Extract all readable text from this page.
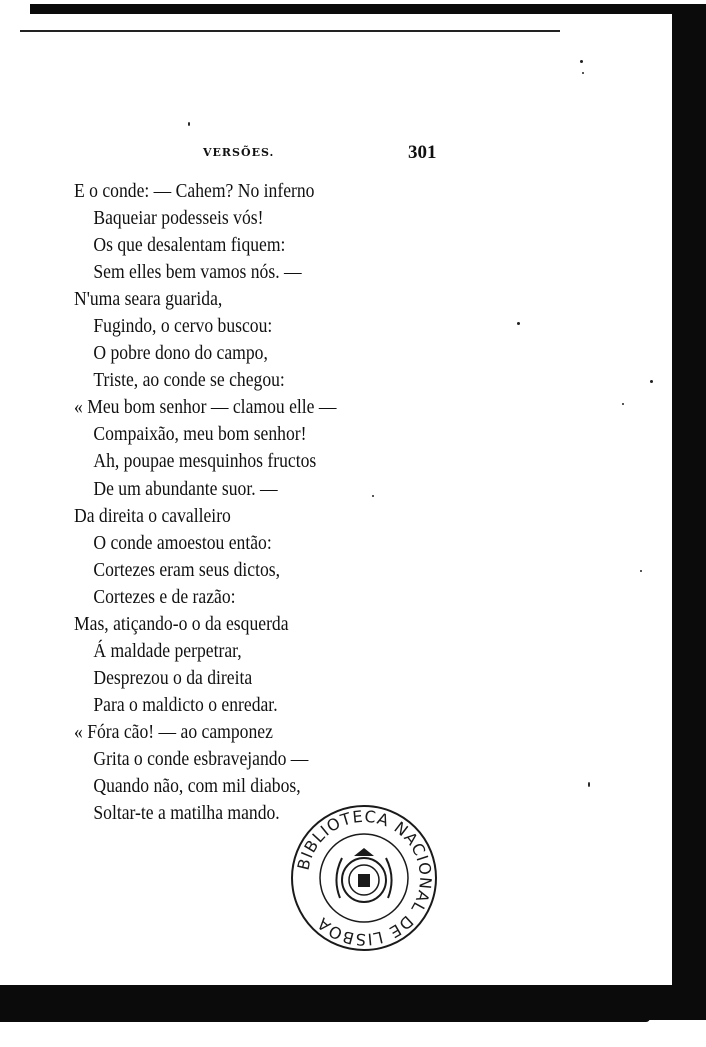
VERSÕES.	301
E o conde: — Cahem? No inferno
Baqueiar podesseis vós!
Os que desalentam fiquem:
Sem elles bem vamos nós. —
N'uma seara guarida,
Fugindo, o cervo buscou:
O pobre dono do campo,
Triste, ao conde se chegou:
« Meu bom senhor — clamou elle —
Compaixão, meu bom senhor!
Ah, poupae mesquinhos fructos
De um abundante suor. —
Da direita o cavalleiro
O conde amoestou então:
Cortezes eram seus dictos,
Cortezes e de razão:
Mas, atiçando-o o da esquerda
Á maldade perpetrar,
Desprezou o da direita
Para o maldicto o enredar.
« Fóra cão! — ao camponez
Grita o conde esbravejando —
Quando não, com mil diabos,
Soltar-te a matilha mando.
BIBLIOTECA NACIONAL DE LISBOA
